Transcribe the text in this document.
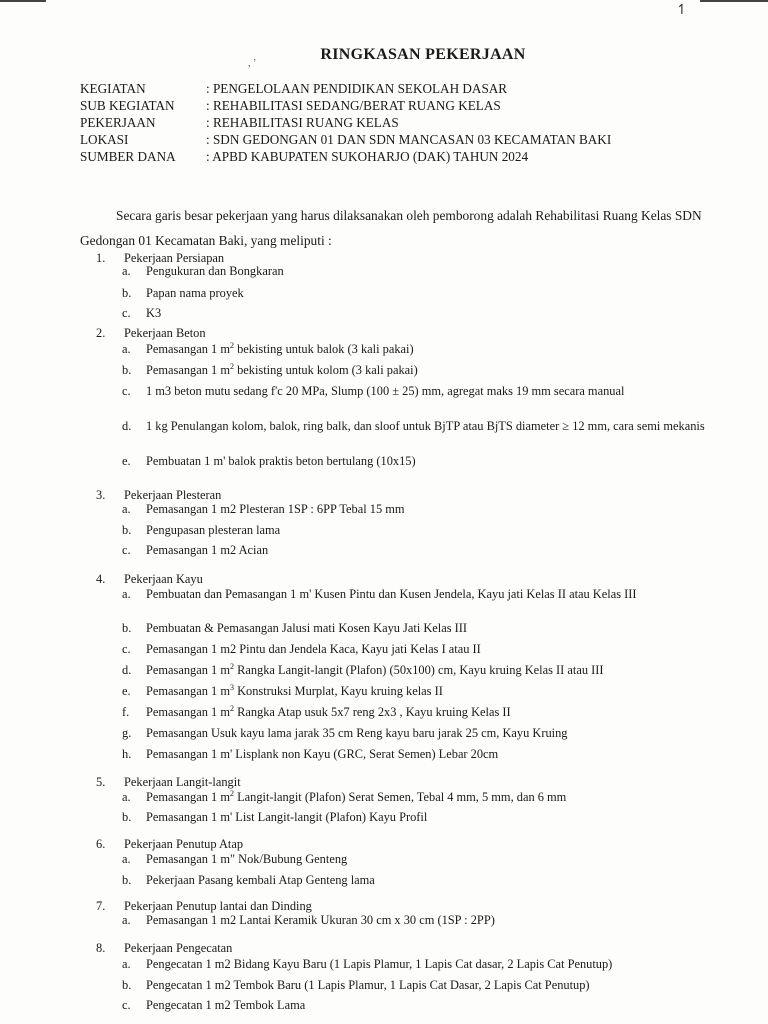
↿
, ’
RINGKASAN PEKERJAAN
KEGIATAN	: PENGELOLAAN PENDIDIKAN SEKOLAH DASAR
SUB KEGIATAN	: REHABILITASI SEDANG/BERAT RUANG KELAS
PEKERJAAN	: REHABILITASI RUANG KELAS
LOKASI	: SDN GEDONGAN 01 DAN SDN MANCASAN 03 KECAMATAN BAKI
SUMBER DANA	: APBD KABUPATEN SUKOHARJO (DAK) TAHUN 2024

Secara garis besar pekerjaan yang harus dilaksanakan oleh pemborong adalah Rehabilitasi Ruang Kelas SDN Gedongan 01 Kecamatan Baki, yang meliputi :

1. Pekerjaan Persiapan
a.	Pengukuran dan Bongkaran
b.	Papan nama proyek
c.	K3
2. Pekerjaan Beton
a.	Pemasangan 1 $m^2$ bekisting untuk balok (3 kali pakai)
b.	Pemasangan 1 $m^2$ bekisting untuk kolom (3 kali pakai)
c.	1 m3 beton mutu sedang f'c 20 MPa, Slump (100 ± 25) mm, agregat maks 19 mm secara manual
d.	1 kg Penulangan kolom, balok, ring balk, dan sloof untuk BjTP atau BjTS diameter ≥ 12 mm, cara semi mekanis
e.	Pembuatan 1 m' balok praktis beton bertulang (10x15)
3. Pekerjaan Plesteran
a.	Pemasangan 1 m2 Plesteran 1SP : 6PP Tebal 15 mm
b.	Pengupasan plesteran lama
c.	Pemasangan 1 m2 Acian
4. Pekerjaan Kayu
a.	Pembuatan dan Pemasangan 1 m' Kusen Pintu dan Kusen Jendela, Kayu jati Kelas II atau Kelas III
b.	Pembuatan & Pemasangan Jalusi mati Kosen Kayu Jati Kelas III
c.	Pemasangan 1 m2 Pintu dan Jendela Kaca, Kayu jati Kelas I atau II
d.	Pemasangan 1 $m^2$ Rangka Langit-langit (Plafon) (50x100) cm, Kayu kruing Kelas II atau III
e.	Pemasangan 1 $m^3$ Konstruksi Murplat, Kayu kruing kelas II
f.	Pemasangan 1 $m^2$ Rangka Atap usuk 5x7 reng 2x3 , Kayu kruing Kelas II
g.	Pemasangan Usuk kayu lama jarak 35 cm Reng kayu baru jarak 25 cm, Kayu Kruing
h.	Pemasangan 1 m' Lisplank non Kayu (GRC, Serat Semen) Lebar 20cm
5. Pekerjaan Langit-langit
a.	Pemasangan 1 $m^2$ Langit-langit (Plafon) Serat Semen, Tebal 4 mm, 5 mm, dan 6 mm
b.	Pemasangan 1 m' List Langit-langit (Plafon) Kayu Profil
6. Pekerjaan Penutup Atap
a.	Pemasangan 1 m" Nok/Bubung Genteng
b.	Pekerjaan Pasang kembali Atap Genteng lama
7. Pekerjaan Penutup lantai dan Dinding
a.	Pemasangan 1 m2 Lantai Keramik Ukuran 30 cm x 30 cm (1SP : 2PP)
8. Pekerjaan Pengecatan
a.	Pengecatan 1 m2 Bidang Kayu Baru (1 Lapis Plamur, 1 Lapis Cat dasar, 2 Lapis Cat Penutup)
b.	Pengecatan 1 m2 Tembok Baru (1 Lapis Plamur, 1 Lapis Cat Dasar, 2 Lapis Cat Penutup)
c.	Pengecatan 1 m2 Tembok Lama
